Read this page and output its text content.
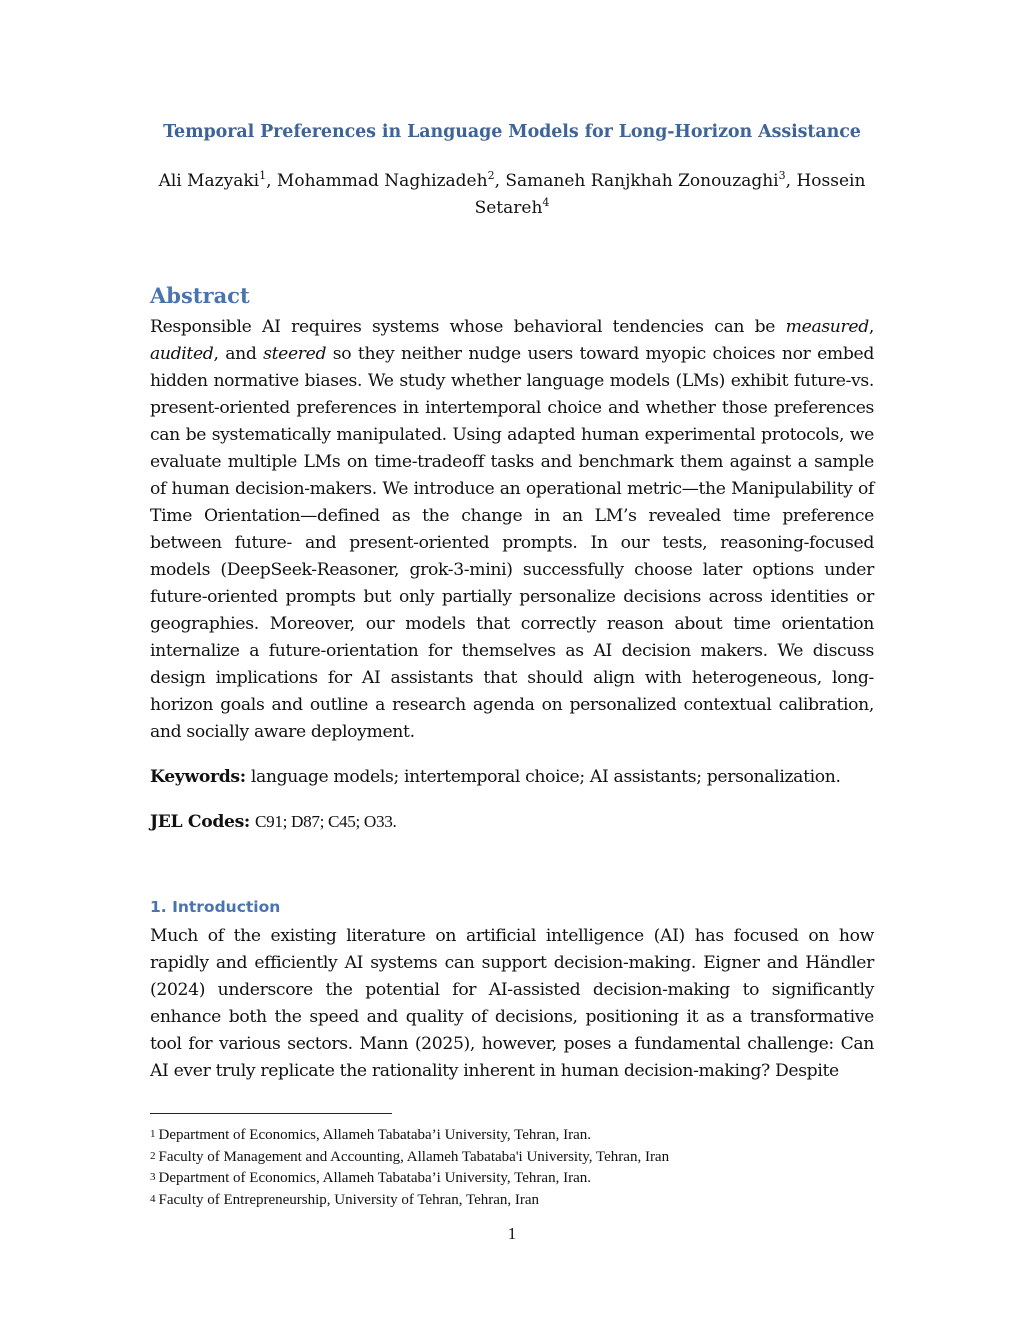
Temporal Preferences in Language Models for Long-Horizon Assistance
Ali Mazyaki$^1$, Mohammad Naghizadeh$^2$, Samaneh Ranjkhah Zonouzaghi$^3$, Hossein Setareh$^4$
Abstract
Responsible AI requires systems whose behavioral tendencies can be measured, audited, and steered so they neither nudge users toward myopic choices nor embed hidden normative biases. We study whether language models (LMs) exhibit future-vs. present-oriented preferences in intertemporal choice and whether those preferences can be systematically manipulated. Using adapted human experimental protocols, we evaluate multiple LMs on time-tradeoff tasks and benchmark them against a sample of human decision-makers. We introduce an operational metric—the Manipulability of Time Orientation—defined as the change in an LM’s revealed time preference between future- and present-oriented prompts. In our tests, reasoning-focused models (DeepSeek-Reasoner, grok-3-mini) successfully choose later options under future-oriented prompts but only partially personalize decisions across identities or geographies. Moreover, our models that correctly reason about time orientation internalize a future-orientation for themselves as AI decision makers. We discuss design implications for AI assistants that should align with heterogeneous, long-horizon goals and outline a research agenda on personalized contextual calibration, and socially aware deployment.
Keywords: language models; intertemporal choice; AI assistants; personalization.
JEL Codes: C91; D87; C45; O33.
1. Introduction
Much of the existing literature on artificial intelligence (AI) has focused on how rapidly and efficiently AI systems can support decision-making. Eigner and Händler (2024) underscore the potential for AI-assisted decision-making to significantly enhance both the speed and quality of decisions, positioning it as a transformative tool for various sectors. Mann (2025), however, poses a fundamental challenge: Can AI ever truly replicate the rationality inherent in human decision-making? Despite
1 Department of Economics, Allameh Tabataba’i University, Tehran, Iran.
2 Faculty of Management and Accounting, Allameh Tabataba'i University, Tehran, Iran
3 Department of Economics, Allameh Tabataba’i University, Tehran, Iran.
4 Faculty of Entrepreneurship, University of Tehran, Tehran, Iran
1
